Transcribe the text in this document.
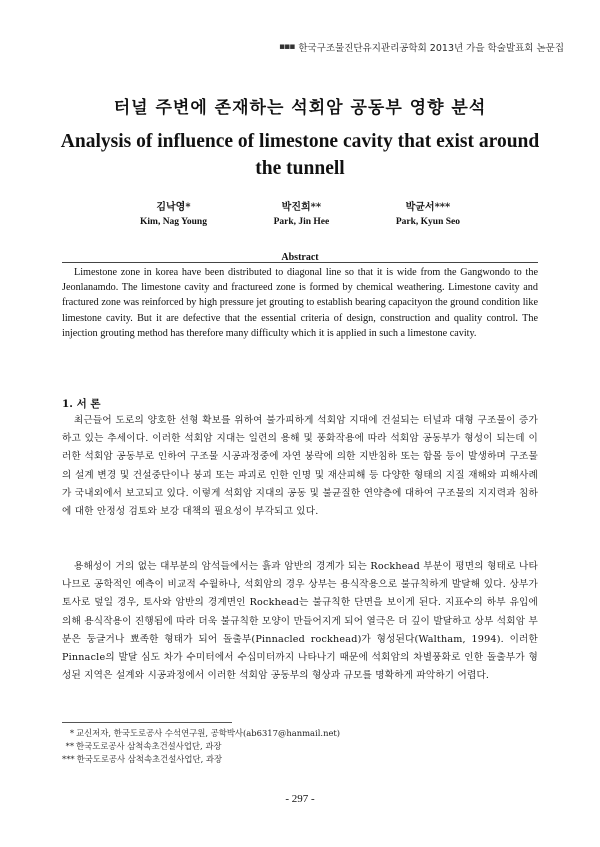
▪▪▪ 한국구조물진단유지관리공학회 2013년 가을 학술발표회 논문집
터널 주변에 존재하는 석회암 공동부 영향 분석
Analysis of influence of limestone cavity that exist around the tunnell
김낙영*
Kim, Nag Young
박진희**
Park, Jin Hee
박균서***
Park, Kyun Seo
Abstract

Limestone zone in korea have been distributed to diagonal line so that it is wide from the Gangwondo to the Jeonlanamdo. The limestone cavity and fractureed zone is formed by chemical weathering. Limestone cavity and fractured zone was reinforced by high pressure jet grouting to establish bearing capacityon the ground condition like limestone cavity. But it are defective that the essential criteria of design, construction and quality control. The injection grouting method has therefore many difficulty which it is applied in such a limestone cavity.

1. 서 론

최근들어 도로의 양호한 선형 확보를 위하여 불가피하게 석회암 지대에 건설되는 터널과 대형 구조물이 증가하고 있는 추세이다. 이러한 석회암 지대는 일련의 용해 및 풍화작용에 따라 석회암 공동부가 형성이 되는데 이러한 석회암 공동부로 인하여 구조물 시공과정중에 자연 붕락에 의한 지반침하 또는 함몰 등이 발생하며 구조물의 설계 변경 및 건설중단이나 붕괴 또는 파괴로 인한 인명 및 재산피해 등 다양한 형태의 지질 재해와 피해사례가 국내외에서 보고되고 있다. 이렇게 석회암 지대의 공동 및 불균질한 연약층에 대하여 구조물의 지지력과 침하에 대한 안정성 검토와 보강 대책의 필요성이 부각되고 있다.

용해성이 거의 없는 대부분의 암석들에서는 흙과 암반의 경계가 되는 Rockhead 부분이 평면의 형태로 나타나므로 공학적인 예측이 비교적 수월하나, 석회암의 경우 상부는 용식작용으로 불규칙하게 발달해 있다. 상부가 토사로 덮일 경우, 토사와 암반의 경계면인 Rockhead는 불규칙한 단면을 보이게 된다. 지표수의 하부 유입에 의해 용식작용이 진행됨에 따라 더욱 불규칙한 모양이 만들어지게 되어 열극은 더 깊이 발달하고 상부 석회암 부분은 둥글거나 뾰족한 형태가 되어 돌출부(Pinnacled rockhead)가 형성된다(Waltham, 1994). 이러한 Pinnacle의 발달 심도 차가 수미터에서 수십미터까지 나타나기 때문에 석회암의 차별풍화로 인한 돌출부가 형성된 지역은 설계와 시공과정에서 이러한 석회암 공동부의 형상과 규모를 명확하게 파악하기 어렵다.

* 교신저자, 한국도로공사 수석연구원, 공학박사(ab6317@hanmail.net)
** 한국도로공사 삼척속초건설사업단, 과장
*** 한국도로공사 삼척속초건설사업단, 과장
- 297 -
